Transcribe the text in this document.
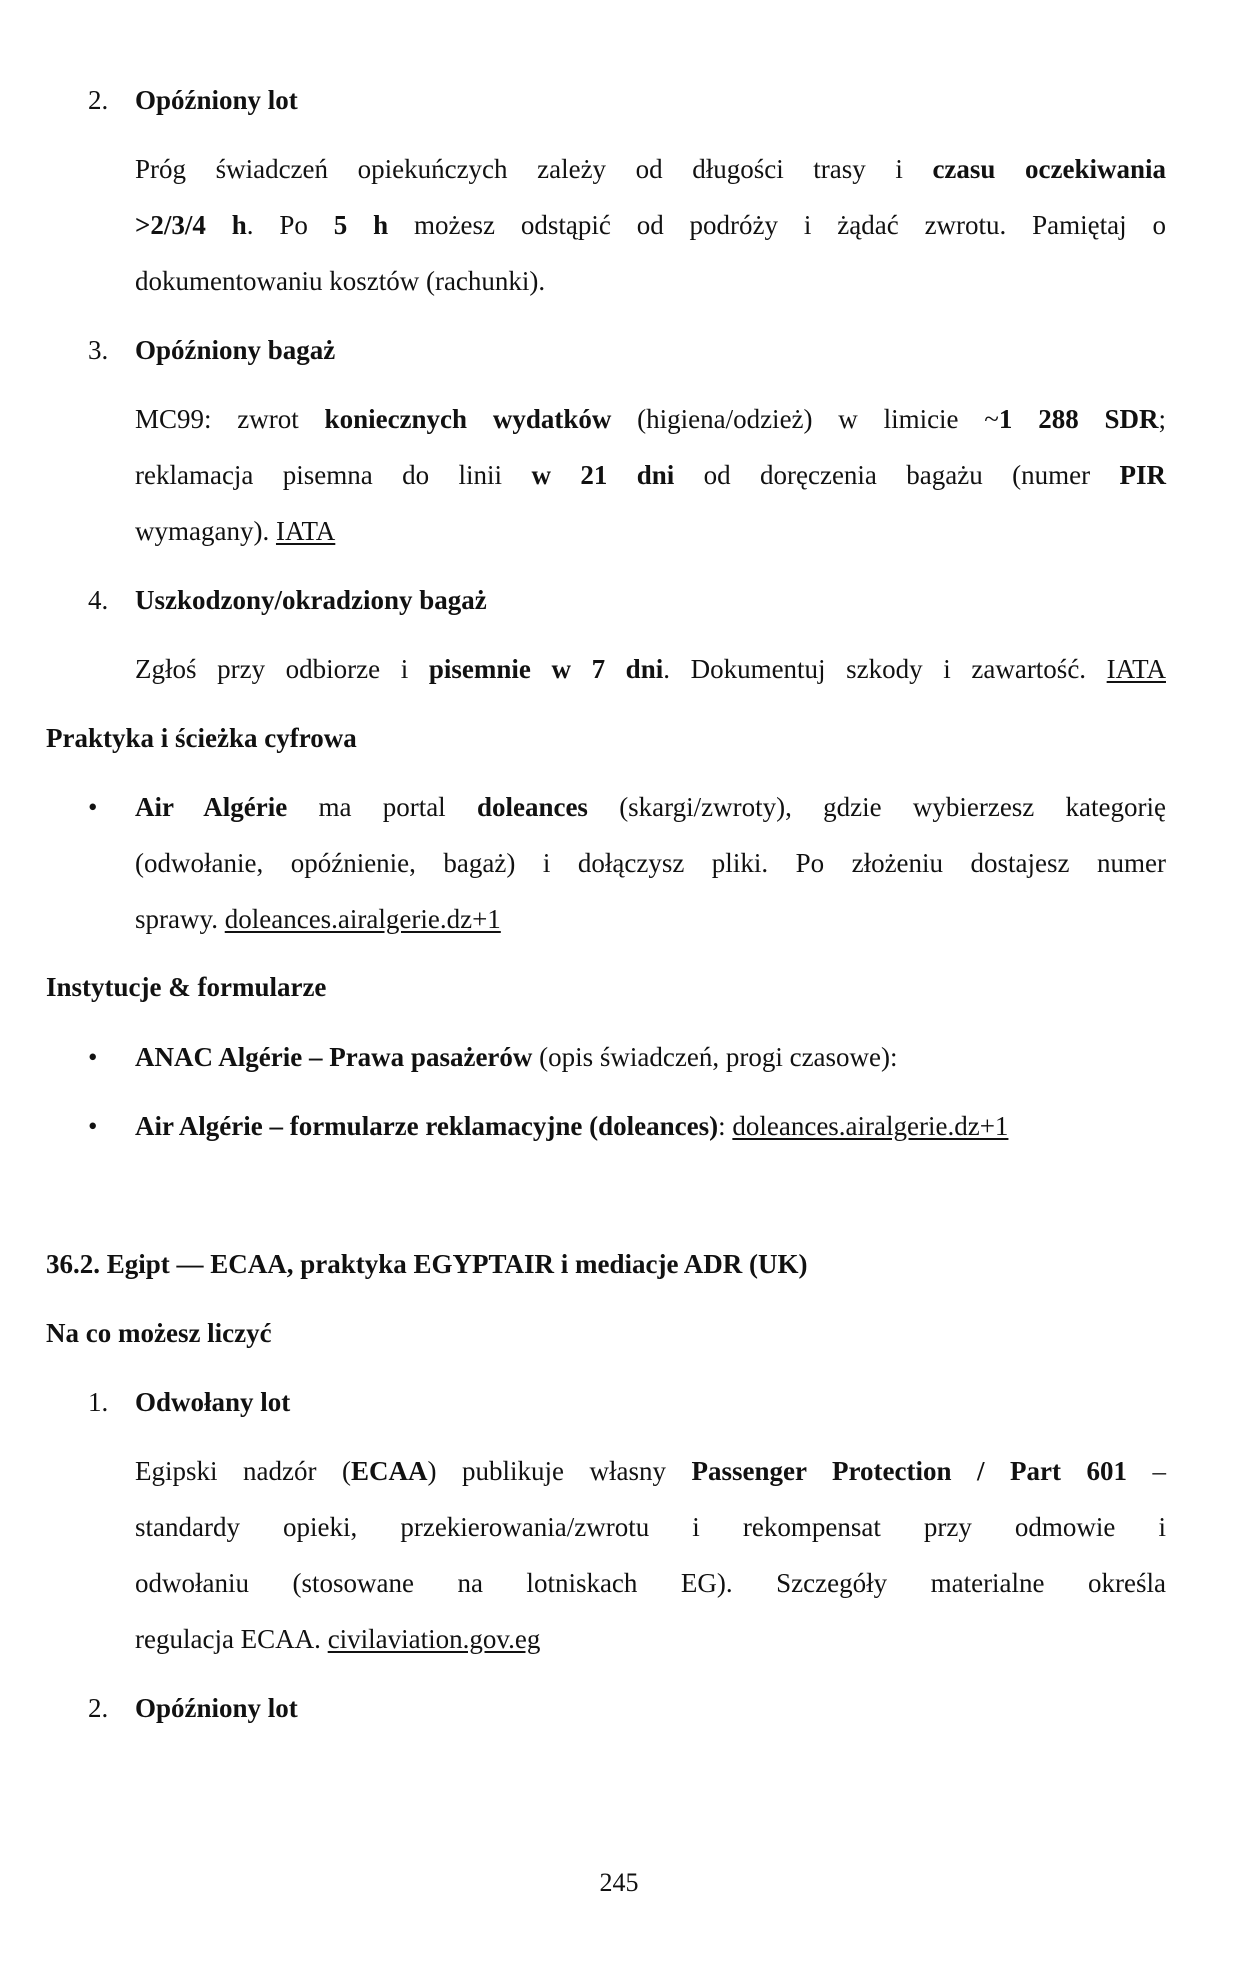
2. Opóźniony lot
Próg świadczeń opiekuńczych zależy od długości trasy i czasu oczekiwania
>2/3/4 h. Po 5 h możesz odstąpić od podróży i żądać zwrotu. Pamiętaj o
dokumentowaniu kosztów (rachunki).
3. Opóźniony bagaż
MC99: zwrot koniecznych wydatków (higiena/odzież) w limicie ~1 288 SDR;
reklamacja pisemna do linii w 21 dni od doręczenia bagażu (numer PIR
wymagany). IATA
4. Uszkodzony/okradziony bagaż
Zgłoś przy odbiorze i pisemnie w 7 dni. Dokumentuj szkody i zawartość. IATA
Praktyka i ścieżka cyfrowa
• Air Algérie ma portal doleances (skargi/zwroty), gdzie wybierzesz kategorię
(odwołanie, opóźnienie, bagaż) i dołączysz pliki. Po złożeniu dostajesz numer
sprawy. doleances.airalgerie.dz+1
Instytucje & formularze
• ANAC Algérie – Prawa pasażerów (opis świadczeń, progi czasowe):
• Air Algérie – formularze reklamacyjne (doleances): doleances.airalgerie.dz+1
36.2. Egipt — ECAA, praktyka EGYPTAIR i mediacje ADR (UK)
Na co możesz liczyć
1. Odwołany lot
Egipski nadzór (ECAA) publikuje własny Passenger Protection / Part 601 –
standardy opieki, przekierowania/zwrotu i rekompensat przy odmowie i
odwołaniu (stosowane na lotniskach EG). Szczegóły materialne określa
regulacja ECAA. civilaviation.gov.eg
2. Opóźniony lot
245
